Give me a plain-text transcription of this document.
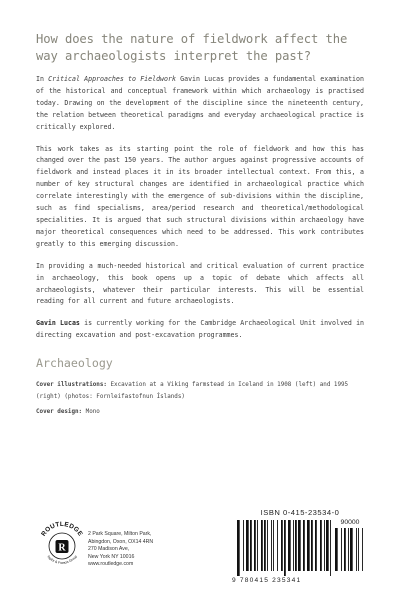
How does the nature of fieldwork affect the way archaeologists interpret the past?

In Critical Approaches to Fieldwork Gavin Lucas provides a fundamental examination of the historical and conceptual framework within which archaeology is practised today. Drawing on the development of the discipline since the nineteenth century, the relation between theoretical paradigms and everyday archaeological practice is critically explored.

This work takes as its starting point the role of fieldwork and how this has changed over the past 150 years. The author argues against progressive accounts of fieldwork and instead places it in its broader intellectual context. From this, a number of key structural changes are identified in archaeological practice which correlate interestingly with the emergence of sub-divisions within the discipline, such as find specialisms, area/period research and theoretical/methodological specialities. It is argued that such structural divisions within archaeology have major theoretical consequences which need to be addressed. This work contributes greatly to this emerging discussion.

In providing a much-needed historical and critical evaluation of current practice in archaeology, this book opens up a topic of debate which affects all archaeologists, whatever their particular interests. This will be essential reading for all current and future archaeologists.

Gavin Lucas is currently working for the Cambridge Archaeological Unit involved in directing excavation and post-excavation programmes.

Archaeology

Cover illustrations: Excavation at a Viking farmstead in Iceland in 1908 (left) and 1995 (right) (photos: Fornleifastofnun Íslands)

Cover design: Mono

R
ROUTLEDGE
Taylor & Francis Group
2 Park Square, Milton Park,
Abingdon, Oxon, OX14 4RN
270 Madison Ave,
New York NY 10016
www.routledge.com
ISBN 0-415-23534-0
90000
9 780415 235341
